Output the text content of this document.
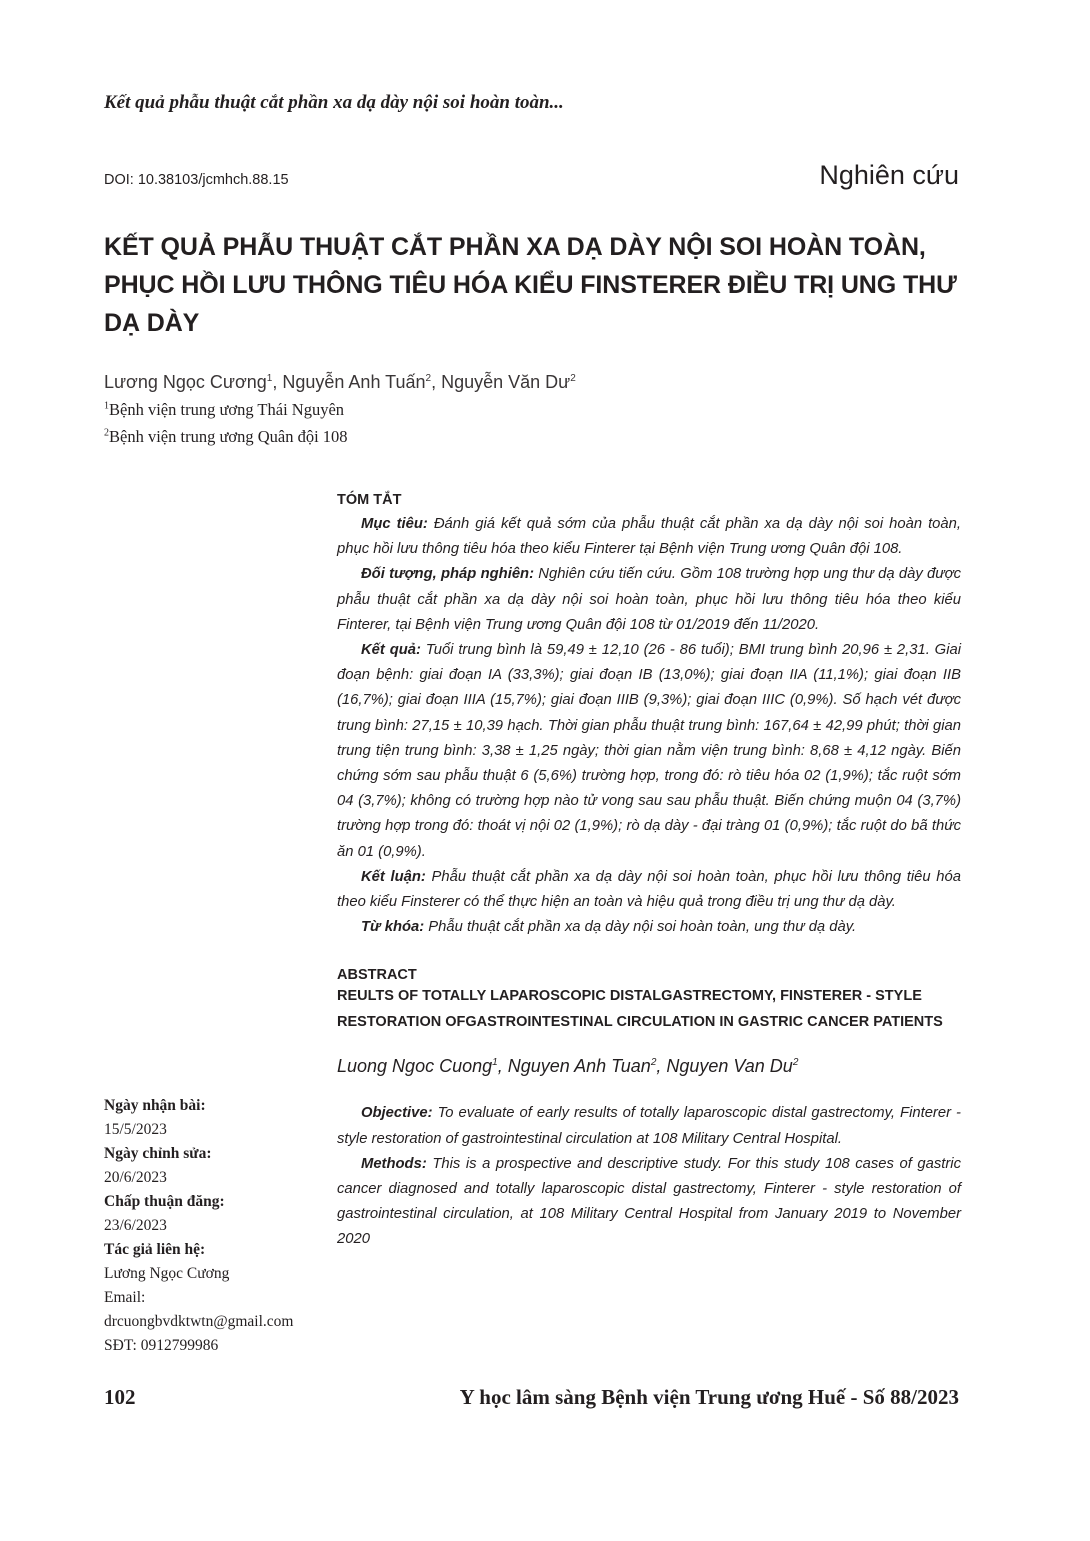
Kết quả phẫu thuật cắt phần xa dạ dày nội soi hoàn toàn...
DOI: 10.38103/jcmhch.88.15	Nghiên cứu
KẾT QUẢ PHẪU THUẬT CẮT PHẦN XA DẠ DÀY NỘI SOI HOÀN TOÀN, PHỤC HỒI LƯU THÔNG TIÊU HÓA KIỂU FINSTERER ĐIỀU TRỊ UNG THƯ DẠ DÀY
Lương Ngọc Cương$^1$, Nguyễn Anh Tuấn$^2$, Nguyễn Văn $Dư^2$
$^1$Bệnh viện trung ương Thái Nguyên
$^2$Bệnh viện trung ương Quân đội 108
TÓM TẮT

Mục tiêu: Đánh giá kết quả sớm của phẫu thuật cắt phần xa dạ dày nội soi hoàn toàn, phục hồi lưu thông tiêu hóa theo kiểu Finterer tại Bệnh viện Trung ương Quân đội 108.

Đối tượng, pháp nghiên: Nghiên cứu tiến cứu. Gồm 108 trường hợp ung thư dạ dày được phẫu thuật cắt phần xa dạ dày nội soi hoàn toàn, phục hồi lưu thông tiêu hóa theo kiểu Finterer, tại Bệnh viện Trung ương Quân đội 108 từ 01/2019 đến 11/2020.

Kết quả: Tuổi trung bình là 59,49 ± 12,10 (26 - 86 tuổi); BMI trung bình 20,96 ± 2,31. Giai đoạn bệnh: giai đoạn IA (33,3%); giai đoạn IB (13,0%); giai đoạn IIA (11,1%); giai đoạn IIB (16,7%); giai đoạn IIIA (15,7%); giai đoạn IIIB (9,3%); giai đoạn IIIC (0,9%). Số hạch vét được trung bình: 27,15 ± 10,39 hạch. Thời gian phẫu thuật trung bình: 167,64 ± 42,99 phút; thời gian trung tiện trung bình: 3,38 ± 1,25 ngày; thời gian nằm viện trung bình: 8,68 ± 4,12 ngày. Biến chứng sớm sau phẫu thuật 6 (5,6%) trường hợp, trong đó: rò tiêu hóa 02 (1,9%); tắc ruột sớm 04 (3,7%); không có trường hợp nào tử vong sau sau phẫu thuật. Biến chứng muộn 04 (3,7%) trường hợp trong đó: thoát vị nội 02 (1,9%); rò dạ dày - đại tràng 01 (0,9%); tắc ruột do bã thức ăn 01 (0,9%).

Kết luận: Phẫu thuật cắt phần xa dạ dày nội soi hoàn toàn, phục hồi lưu thông tiêu hóa theo kiểu Finsterer có thể thực hiện an toàn và hiệu quả trong điều trị ung thư dạ dày.

Từ khóa: Phẫu thuật cắt phần xa dạ dày nội soi hoàn toàn, ung thư dạ dày.

ABSTRACT
REULTS OF TOTALLY LAPAROSCOPIC DISTALGASTRECTOMY, FINSTERER - STYLE RESTORATION OFGASTROINTESTINAL CIRCULATION IN GASTRIC CANCER PATIENTS
Luong Ngoc Cuong$^1$, Nguyen Anh Tuan$^2$, Nguyen Van Du$^2$

Objective: To evaluate of early results of totally laparoscopic distal gastrectomy, Finterer - style restoration of gastrointestinal circulation at 108 Military Central Hospital.

Methods: This is a prospective and descriptive study. For this study 108 cases of gastric cancer diagnosed and totally laparoscopic distal gastrectomy, Finterer - style restoration of gastrointestinal circulation, at 108 Military Central Hospital from January 2019 to November 2020

Ngày nhận bài:
15/5/2023
Ngày chỉnh sửa:
20/6/2023
Chấp thuận đăng:
23/6/2023
Tác giả liên hệ:
Lương Ngọc Cương
Email:
drcuongbvdktwtn@gmail.com
SĐT: 0912799986
102	Y học lâm sàng Bệnh viện Trung ương Huế - Số 88/2023
